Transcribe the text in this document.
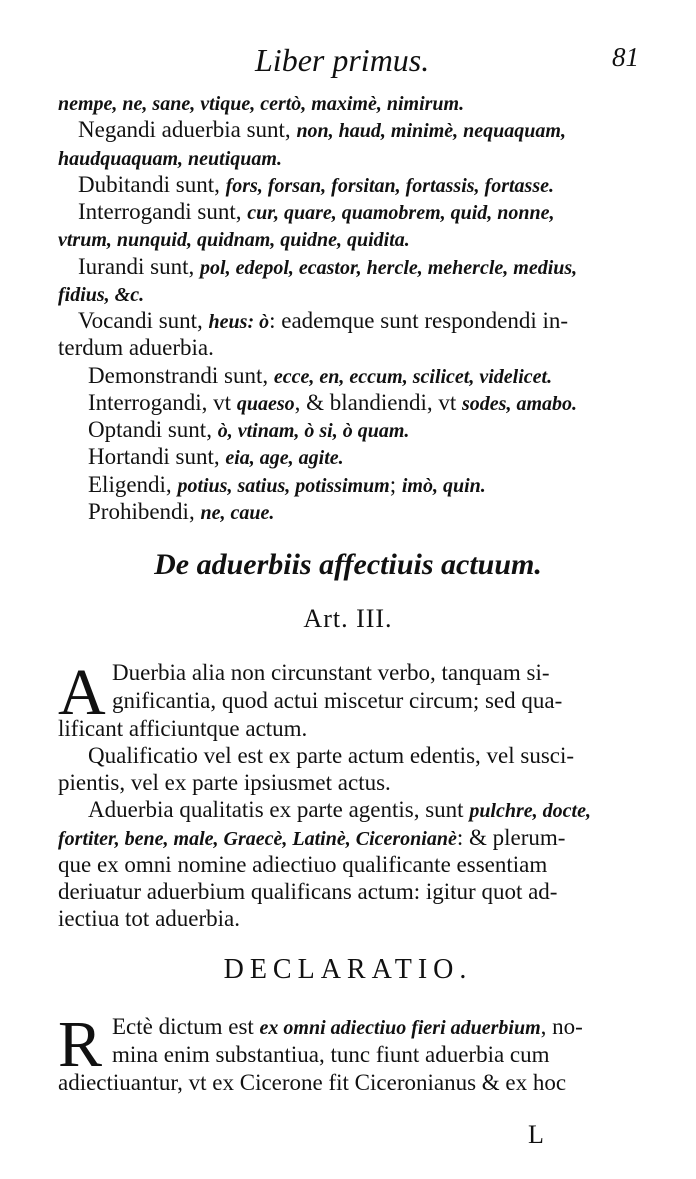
Liber primus.	81
nempe, ne, sane, vtique, certò, maximè, nimirum.
Negandi aduerbia sunt, non, haud, minimè, nequaquam,
haudquaquam, neutiquam.
Dubitandi sunt, fors, forsan, forsitan, fortassis, fortasse.
Interrogandi sunt, cur, quare, quamobrem, quid, nonne,
vtrum, nunquid, quidnam, quidne, quidita.
Iurandi sunt, pol, edepol, ecastor, hercle, mehercle, medius,
fidius, &c.
Vocandi sunt, heus: ò: eademque sunt respondendi in-
terdum aduerbia.
Demonstrandi sunt, ecce, en, eccum, scilicet, videlicet.
Interrogandi, vt quaeso, & blandiendi, vt sodes, amabo.
Optandi sunt, ò, vtinam, ò si, ò quam.
Hortandi sunt, eia, age, agite.
Eligendi, potius, satius, potissimum; imò, quin.
Prohibendi, ne, caue.
De aduerbiis affectiuis actuum.
Art. III.
A Duerbia alia non circunstant verbo, tanquam si-
gnificantia, quod actui miscetur circum; sed qua-
lificant afficiuntque actum.
Qualificatio vel est ex parte actum edentis, vel susci-
pientis, vel ex parte ipsiusmet actus.
Aduerbia qualitatis ex parte agentis, sunt pulchre, docte,
fortiter, bene, male, Graecè, Latinè, Ciceronianè: & plerum-
que ex omni nomine adiectiuo qualificante essentiam
deriuatur aduerbium qualificans actum: igitur quot ad-
iectiua tot aduerbia.
DECLARATIO.
R Ectè dictum est ex omni adiectiuo fieri aduerbium, no-
mina enim substantiua, tunc fiunt aduerbia cum
adiectiuantur, vt ex Cicerone fit Ciceronianus & ex hoc
L
